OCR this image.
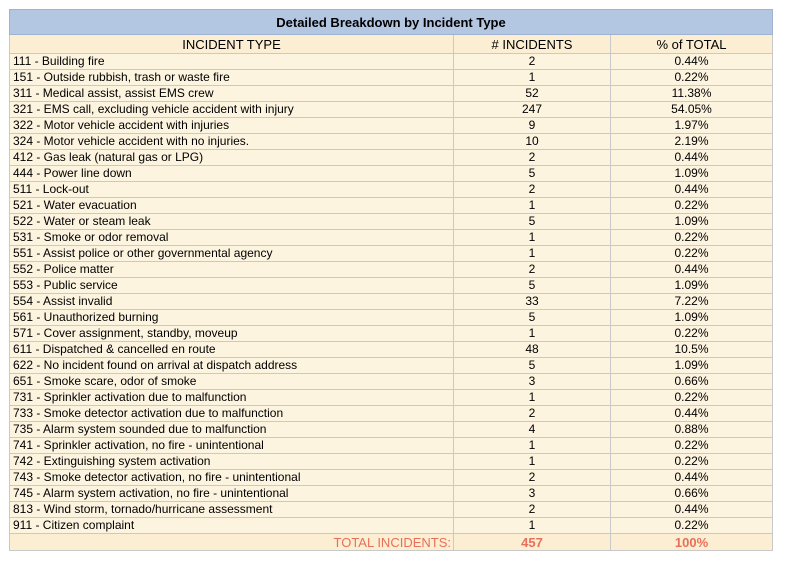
Detailed Breakdown by Incident Type		
INCIDENT TYPE	# INCIDENTS	% of TOTAL
111 - Building fire	2	0.44%
151 - Outside rubbish, trash or waste fire	1	0.22%
311 - Medical assist, assist EMS crew	52	11.38%
321 - EMS call, excluding vehicle accident with injury	247	54.05%
322 - Motor vehicle accident with injuries	9	1.97%
324 - Motor vehicle accident with no injuries.	10	2.19%
412 - Gas leak (natural gas or LPG)	2	0.44%
444 - Power line down	5	1.09%
511 - Lock-out	2	0.44%
521 - Water evacuation	1	0.22%
522 - Water or steam leak	5	1.09%
531 - Smoke or odor removal	1	0.22%
551 - Assist police or other governmental agency	1	0.22%
552 - Police matter	2	0.44%
553 - Public service	5	1.09%
554 - Assist invalid	33	7.22%
561 - Unauthorized burning	5	1.09%
571 - Cover assignment, standby, moveup	1	0.22%
611 - Dispatched & cancelled en route	48	10.5%
622 - No incident found on arrival at dispatch address	5	1.09%
651 - Smoke scare, odor of smoke	3	0.66%
731 - Sprinkler activation due to malfunction	1	0.22%
733 - Smoke detector activation due to malfunction	2	0.44%
735 - Alarm system sounded due to malfunction	4	0.88%
741 - Sprinkler activation, no fire - unintentional	1	0.22%
742 - Extinguishing system activation	1	0.22%
743 - Smoke detector activation, no fire - unintentional	2	0.44%
745 - Alarm system activation, no fire - unintentional	3	0.66%
813 - Wind storm, tornado/hurricane assessment	2	0.44%
911 - Citizen complaint	1	0.22%
TOTAL INCIDENTS:	457	100%
